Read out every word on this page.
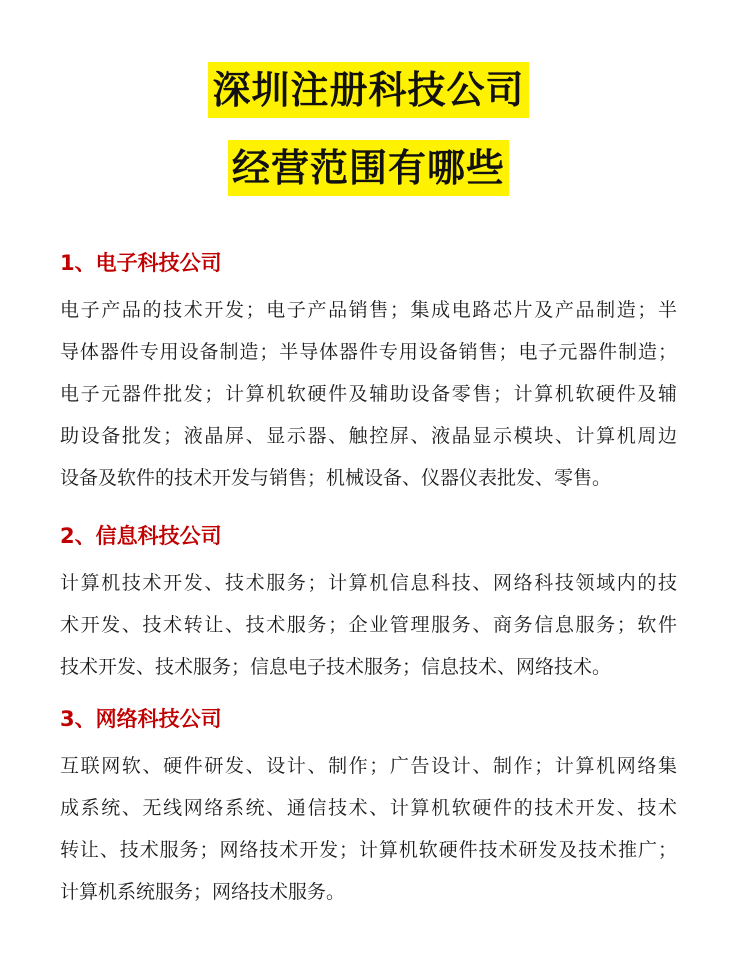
深圳注册科技公司
经营范围有哪些
1、电子科技公司
电子产品的技术开发；电子产品销售；集成电路芯片及产品制造；半
导体器件专用设备制造；半导体器件专用设备销售；电子元器件制造；
电子元器件批发；计算机软硬件及辅助设备零售；计算机软硬件及辅
助设备批发；液晶屏、显示器、触控屏、液晶显示模块、计算机周边
设备及软件的技术开发与销售；机械设备、仪器仪表批发、零售。
2、信息科技公司
计算机技术开发、技术服务；计算机信息科技、网络科技领域内的技
术开发、技术转让、技术服务；企业管理服务、商务信息服务；软件
技术开发、技术服务；信息电子技术服务；信息技术、网络技术。
3、网络科技公司
互联网软、硬件研发、设计、制作；广告设计、制作；计算机网络集
成系统、无线网络系统、通信技术、计算机软硬件的技术开发、技术
转让、技术服务；网络技术开发；计算机软硬件技术研发及技术推广；
计算机系统服务；网络技术服务。
